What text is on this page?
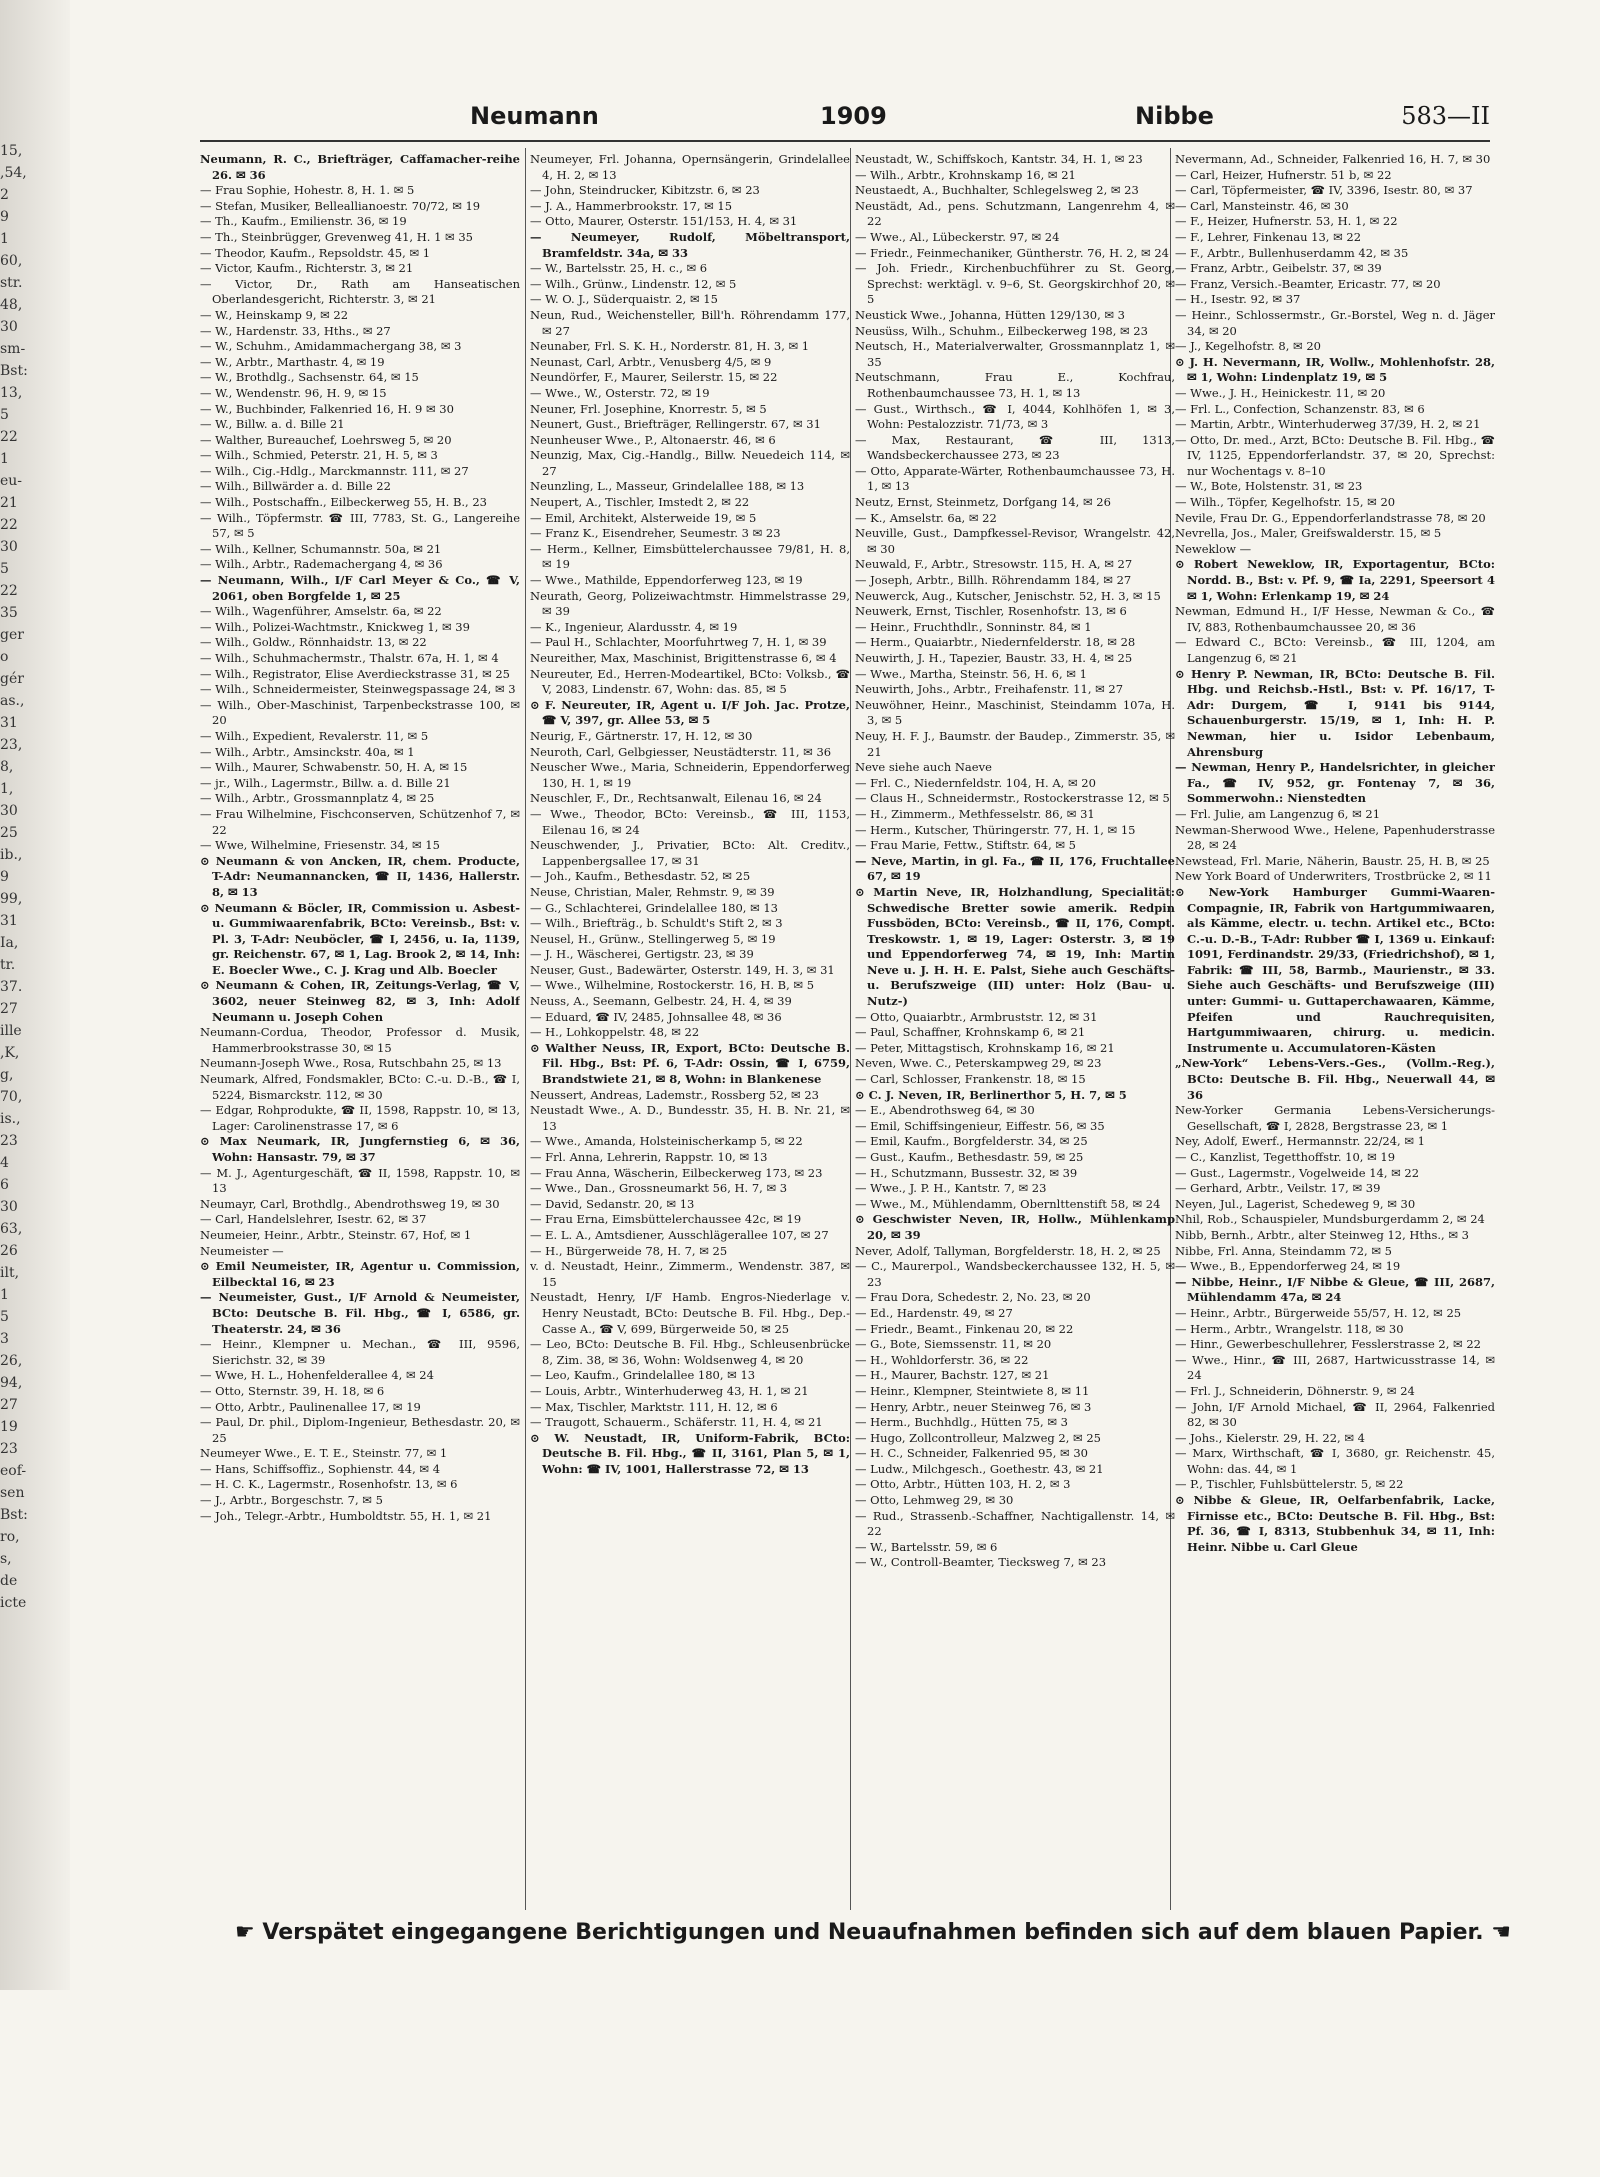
15,
,54,
2
9
1
60,
str.
48,
30
sm-
Bst:
13,
5
22
1
eu-
21
22
30
5
22
35
ger
o
gér
as.,
31
23,
8,
1,
30
25
ib.,
9
99,
31
Ia,
tr.
37.
27
ille
,K,
g,
70,
is.,
23
4
6
30
63,
26
ilt,
1
5
3
26,
94,
27
19
23
eof-
sen
Bst:
ro,
s,
de
icte
Neumann	1909	Nibbe	583—II

Neumann, R. C., Briefträger, Caffamacher-reihe 26. ✉ 36

— Frau Sophie, Hohestr. 8, H. 1. ✉ 5

— Stefan, Musiker, Belleallianoestr. 70/72, ✉ 19

— Th., Kaufm., Emilienstr. 36, ✉ 19

— Th., Steinbrügger, Grevenweg 41, H. 1 ✉ 35

— Theodor, Kaufm., Repsoldstr. 45, ✉ 1

— Victor, Kaufm., Richterstr. 3, ✉ 21

— Victor, Dr., Rath am Hanseatischen Oberlandesgericht, Richterstr. 3, ✉ 21

— W., Heinskamp 9, ✉ 22

— W., Hardenstr. 33, Hths., ✉ 27

— W., Schuhm., Amidammachergang 38, ✉ 3

— W., Arbtr., Marthastr. 4, ✉ 19

— W., Brothdlg., Sachsenstr. 64, ✉ 15

— W., Wendenstr. 96, H. 9, ✉ 15

— W., Buchbinder, Falkenried 16, H. 9 ✉ 30

— W., Billw. a. d. Bille 21

— Walther, Bureauchef, Loehrsweg 5, ✉ 20

— Wilh., Schmied, Peterstr. 21, H. 5, ✉ 3

— Wilh., Cig.-Hdlg., Marckmannstr. 111, ✉ 27

— Wilh., Billwärder a. d. Bille 22

— Wilh., Postschaffn., Eilbeckerweg 55, H. B., 23

— Wilh., Töpfermstr. ☎ III, 7783, St. G., Langereihe 57, ✉ 5

— Wilh., Kellner, Schumannstr. 50a, ✉ 21

— Wilh., Arbtr., Rademachergang 4, ✉ 36

— Neumann, Wilh., I/F Carl Meyer & Co., ☎ V, 2061, oben Borgfelde 1, ✉ 25

— Wilh., Wagenführer, Amselstr. 6a, ✉ 22

— Wilh., Polizei-Wachtmstr., Knickweg 1, ✉ 39

— Wilh., Goldw., Rönnhaidstr. 13, ✉ 22

— Wilh., Schuhmachermstr., Thalstr. 67a, H. 1, ✉ 4

— Wilh., Registrator, Elise Averdieckstrasse 31, ✉ 25

— Wilh., Schneidermeister, Steinwegspassage 24, ✉ 3

— Wilh., Ober-Maschinist, Tarpenbeckstrasse 100, ✉ 20

— Wilh., Expedient, Revalerstr. 11, ✉ 5

— Wilh., Arbtr., Amsinckstr. 40a, ✉ 1

— Wilh., Maurer, Schwabenstr. 50, H. A, ✉ 15

— jr., Wilh., Lagermstr., Billw. a. d. Bille 21

— Wilh., Arbtr., Grossmannplatz 4, ✉ 25

— Frau Wilhelmine, Fischconserven, Schützenhof 7, ✉ 22

— Wwe, Wilhelmine, Friesenstr. 34, ✉ 15

⊙ Neumann & von Ancken, IR, chem. Producte, T-Adr: Neumannancken, ☎ II, 1436, Hallerstr. 8, ✉ 13

⊙ Neumann & Böcler, IR, Commission u. Asbest- u. Gummiwaarenfabrik, BCto: Vereinsb., Bst: v. Pl. 3, T-Adr: Neuböcler, ☎ I, 2456, u. Ia, 1139, gr. Reichenstr. 67, ✉ 1, Lag. Brook 2, ✉ 14, Inh: E. Boecler Wwe., C. J. Krag und Alb. Boecler

⊙ Neumann & Cohen, IR, Zeitungs-Verlag, ☎ V, 3602, neuer Steinweg 82, ✉ 3, Inh: Adolf Neumann u. Joseph Cohen

Neumann-Cordua, Theodor, Professor d. Musik, Hammerbrookstrasse 30, ✉ 15

Neumann-Joseph Wwe., Rosa, Rutschbahn 25, ✉ 13

Neumark, Alfred, Fondsmakler, BCto: C.-u. D.-B., ☎ I, 5224, Bismarckstr. 112, ✉ 30

— Edgar, Rohprodukte, ☎ II, 1598, Rappstr. 10, ✉ 13, Lager: Carolinenstrasse 17, ✉ 6

⊙ Max Neumark, IR, Jungfernstieg 6, ✉ 36, Wohn: Hansastr. 79, ✉ 37

— M. J., Agenturgeschäft, ☎ II, 1598, Rappstr. 10, ✉ 13

Neumayr, Carl, Brothdlg., Abendrothsweg 19, ✉ 30

— Carl, Handelslehrer, Isestr. 62, ✉ 37

Neumeier, Heinr., Arbtr., Steinstr. 67, Hof, ✉ 1

Neumeister —

⊙ Emil Neumeister, IR, Agentur u. Commission, Eilbecktal 16, ✉ 23

— Neumeister, Gust., I/F Arnold & Neumeister, BCto: Deutsche B. Fil. Hbg., ☎ I, 6586, gr. Theaterstr. 24, ✉ 36

— Heinr., Klempner u. Mechan., ☎ III, 9596, Sierichstr. 32, ✉ 39

— Wwe, H. L., Hohenfelderallee 4, ✉ 24

— Otto, Sternstr. 39, H. 18, ✉ 6

— Otto, Arbtr., Paulinenallee 17, ✉ 19

— Paul, Dr. phil., Diplom-Ingenieur, Bethesdastr. 20, ✉ 25

Neumeyer Wwe., E. T. E., Steinstr. 77, ✉ 1

— Hans, Schiffsoffiz., Sophienstr. 44, ✉ 4

— H. C. K., Lagermstr., Rosenhofstr. 13, ✉ 6

— J., Arbtr., Borgeschstr. 7, ✉ 5

— Joh., Telegr.-Arbtr., Humboldtstr. 55, H. 1, ✉ 21

Neumeyer, Frl. Johanna, Opernsängerin, Grindelallee 4, H. 2, ✉ 13

— John, Steindrucker, Kibitzstr. 6, ✉ 23

— J. A., Hammerbrookstr. 17, ✉ 15

— Otto, Maurer, Osterstr. 151/153, H. 4, ✉ 31

— Neumeyer, Rudolf, Möbeltransport, Bramfeldstr. 34a, ✉ 33

— W., Bartelsstr. 25, H. c., ✉ 6

— Wilh., Grünw., Lindenstr. 12, ✉ 5

— W. O. J., Süderquaistr. 2, ✉ 15

Neun, Rud., Weichensteller, Bill'h. Röhrendamm 177, ✉ 27

Neunaber, Frl. S. K. H., Norderstr. 81, H. 3, ✉ 1

Neunast, Carl, Arbtr., Venusberg 4/5, ✉ 9

Neundörfer, F., Maurer, Seilerstr. 15, ✉ 22

— Wwe., W., Osterstr. 72, ✉ 19

Neuner, Frl. Josephine, Knorrestr. 5, ✉ 5

Neunert, Gust., Briefträger, Rellingerstr. 67, ✉ 31

Neunheuser Wwe., P., Altonaerstr. 46, ✉ 6

Neunzig, Max, Cig.-Handlg., Billw. Neuedeich 114, ✉ 27

Neunzling, L., Masseur, Grindelallee 188, ✉ 13

Neupert, A., Tischler, Imstedt 2, ✉ 22

— Emil, Architekt, Alsterweide 19, ✉ 5

— Franz K., Eisendreher, Seumestr. 3 ✉ 23

— Herm., Kellner, Eimsbüttelerchaussee 79/81, H. 8, ✉ 19

— Wwe., Mathilde, Eppendorferweg 123, ✉ 19

Neurath, Georg, Polizeiwachtmstr. Himmelstrasse 29, ✉ 39

— K., Ingenieur, Alardusstr. 4, ✉ 19

— Paul H., Schlachter, Moorfuhrtweg 7, H. 1, ✉ 39

Neureither, Max, Maschinist, Brigittenstrasse 6, ✉ 4

Neureuter, Ed., Herren-Modeartikel, BCto: Volksb., ☎ V, 2083, Lindenstr. 67, Wohn: das. 85, ✉ 5

⊙ F. Neureuter, IR, Agent u. I/F Joh. Jac. Protze, ☎ V, 397, gr. Allee 53, ✉ 5

Neurig, F., Gärtnerstr. 17, H. 12, ✉ 30

Neuroth, Carl, Gelbgiesser, Neustädterstr. 11, ✉ 36

Neuscher Wwe., Maria, Schneiderin, Eppendorferweg 130, H. 1, ✉ 19

Neuschler, F., Dr., Rechtsanwalt, Eilenau 16, ✉ 24

— Wwe., Theodor, BCto: Vereinsb., ☎ III, 1153, Eilenau 16, ✉ 24

Neuschwender, J., Privatier, BCto: Alt. Creditv., Lappenbergsallee 17, ✉ 31

— Joh., Kaufm., Bethesdastr. 52, ✉ 25

Neuse, Christian, Maler, Rehmstr. 9, ✉ 39

— G., Schlachterei, Grindelallee 180, ✉ 13

— Wilh., Briefträg., b. Schuldt's Stift 2, ✉ 3

Neusel, H., Grünw., Stellingerweg 5, ✉ 19

— J. H., Wäscherei, Gertigstr. 23, ✉ 39

Neuser, Gust., Badewärter, Osterstr. 149, H. 3, ✉ 31

— Wwe., Wilhelmine, Rostockerstr. 16, H. B, ✉ 5

Neuss, A., Seemann, Gelbestr. 24, H. 4, ✉ 39

— Eduard, ☎ IV, 2485, Johnsallee 48, ✉ 36

— H., Lohkoppelstr. 48, ✉ 22

⊙ Walther Neuss, IR, Export, BCto: Deutsche B. Fil. Hbg., Bst: Pf. 6, T-Adr: Ossin, ☎ I, 6759, Brandstwiete 21, ✉ 8, Wohn: in Blankenese

Neussert, Andreas, Lademstr., Rossberg 52, ✉ 23

Neustadt Wwe., A. D., Bundesstr. 35, H. B. Nr. 21, ✉ 13

— Wwe., Amanda, Holsteinischerkamp 5, ✉ 22

— Frl. Anna, Lehrerin, Rappstr. 10, ✉ 13

— Frau Anna, Wäscherin, Eilbeckerweg 173, ✉ 23

— Wwe., Dan., Grossneumarkt 56, H. 7, ✉ 3

— David, Sedanstr. 20, ✉ 13

— Frau Erna, Eimsbüttelerchaussee 42c, ✉ 19

— E. L. A., Amtsdiener, Ausschlägerallee 107, ✉ 27

— H., Bürgerweide 78, H. 7, ✉ 25

v. d. Neustadt, Heinr., Zimmerm., Wendenstr. 387, ✉ 15

Neustadt, Henry, I/F Hamb. Engros-Niederlage v. Henry Neustadt, BCto: Deutsche B. Fil. Hbg., Dep.-Casse A., ☎ V, 699, Bürgerweide 50, ✉ 25

— Leo, BCto: Deutsche B. Fil. Hbg., Schleusenbrücke 8, Zim. 38, ✉ 36, Wohn: Woldsenweg 4, ✉ 20

— Leo, Kaufm., Grindelallee 180, ✉ 13

— Louis, Arbtr., Winterhuderweg 43, H. 1, ✉ 21

— Max, Tischler, Marktstr. 111, H. 12, ✉ 6

— Traugott, Schauerm., Schäferstr. 11, H. 4, ✉ 21

⊙ W. Neustadt, IR, Uniform-Fabrik, BCto: Deutsche B. Fil. Hbg., ☎ II, 3161, Plan 5, ✉ 1, Wohn: ☎ IV, 1001, Hallerstrasse 72, ✉ 13

Neustadt, W., Schiffskoch, Kantstr. 34, H. 1, ✉ 23

— Wilh., Arbtr., Krohnskamp 16, ✉ 21

Neustaedt, A., Buchhalter, Schlegelsweg 2, ✉ 23

Neustädt, Ad., pens. Schutzmann, Langenrehm 4, ✉ 22

— Wwe., Al., Lübeckerstr. 97, ✉ 24

— Friedr., Feinmechaniker, Güntherstr. 76, H. 2, ✉ 24

— Joh. Friedr., Kirchenbuchführer zu St. Georg, Sprechst: werktägl. v. 9–6, St. Georgskirchhof 20, ✉ 5

Neustick Wwe., Johanna, Hütten 129/130, ✉ 3

Neusüss, Wilh., Schuhm., Eilbeckerweg 198, ✉ 23

Neutsch, H., Materialverwalter, Grossmannplatz 1, ✉ 35

Neutschmann, Frau E., Kochfrau, Rothenbaumchaussee 73, H. 1, ✉ 13

— Gust., Wirthsch., ☎ I, 4044, Kohlhöfen 1, ✉ 3, Wohn: Pestalozzistr. 71/73, ✉ 3

— Max, Restaurant, ☎ III, 1313, Wandsbeckerchaussee 273, ✉ 23

— Otto, Apparate-Wärter, Rothenbaumchaussee 73, H. 1, ✉ 13

Neutz, Ernst, Steinmetz, Dorfgang 14, ✉ 26

— K., Amselstr. 6a, ✉ 22

Neuville, Gust., Dampfkessel-Revisor, Wrangelstr. 42, ✉ 30

Neuwald, F., Arbtr., Stresowstr. 115, H. A, ✉ 27

— Joseph, Arbtr., Billh. Röhrendamm 184, ✉ 27

Neuwerck, Aug., Kutscher, Jenischstr. 52, H. 3, ✉ 15

Neuwerk, Ernst, Tischler, Rosenhofstr. 13, ✉ 6

— Heinr., Fruchthdlr., Sonninstr. 84, ✉ 1

— Herm., Quaiarbtr., Niedernfelderstr. 18, ✉ 28

Neuwirth, J. H., Tapezier, Baustr. 33, H. 4, ✉ 25

— Wwe., Martha, Steinstr. 56, H. 6, ✉ 1

Neuwirth, Johs., Arbtr., Freihafenstr. 11, ✉ 27

Neuwöhner, Heinr., Maschinist, Steindamm 107a, H. 3, ✉ 5

Neuy, H. F. J., Baumstr. der Baudep., Zimmerstr. 35, ✉ 21

Neve siehe auch Naeve

— Frl. C., Niedernfeldstr. 104, H. A, ✉ 20

— Claus H., Schneidermstr., Rostockerstrasse 12, ✉ 5

— H., Zimmerm., Methfesselstr. 86, ✉ 31

— Herm., Kutscher, Thüringerstr. 77, H. 1, ✉ 15

— Frau Marie, Fettw., Stiftstr. 64, ✉ 5

— Neve, Martin, in gl. Fa., ☎ II, 176, Fruchtallee 67, ✉ 19

⊙ Martin Neve, IR, Holzhandlung, Specialität: Schwedische Bretter sowie amerik. Redpin Fussböden, BCto: Vereinsb., ☎ II, 176, Compt. Treskowstr. 1, ✉ 19, Lager: Osterstr. 3, ✉ 19 und Eppendorferweg 74, ✉ 19, Inh: Martin Neve u. J. H. H. E. Palst, Siehe auch Geschäfts- u. Berufszweige (III) unter: Holz (Bau- u. Nutz-)

— Otto, Quaiarbtr., Armbruststr. 12, ✉ 31

— Paul, Schaffner, Krohnskamp 6, ✉ 21

— Peter, Mittagstisch, Krohnskamp 16, ✉ 21

Neven, Wwe. C., Peterskampweg 29, ✉ 23

— Carl, Schlosser, Frankenstr. 18, ✉ 15

⊙ C. J. Neven, IR, Berlinerthor 5, H. 7, ✉ 5

— E., Abendrothsweg 64, ✉ 30

— Emil, Schiffsingenieur, Eiffestr. 56, ✉ 35

— Emil, Kaufm., Borgfelderstr. 34, ✉ 25

— Gust., Kaufm., Bethesdastr. 59, ✉ 25

— H., Schutzmann, Bussestr. 32, ✉ 39

— Wwe., J. P. H., Kantstr. 7, ✉ 23

— Wwe., M., Mühlendamm, Obernlttenstift 58, ✉ 24

⊙ Geschwister Neven, IR, Hollw., Mühlenkamp 20, ✉ 39

Never, Adolf, Tallyman, Borgfelderstr. 18, H. 2, ✉ 25

— C., Maurerpol., Wandsbeckerchaussee 132, H. 5, ✉ 23

— Frau Dora, Schedestr. 2, No. 23, ✉ 20

— Ed., Hardenstr. 49, ✉ 27

— Friedr., Beamt., Finkenau 20, ✉ 22

— G., Bote, Siemssenstr. 11, ✉ 20

— H., Wohldorferstr. 36, ✉ 22

— H., Maurer, Bachstr. 127, ✉ 21

— Heinr., Klempner, Steintwiete 8, ✉ 11

— Henry, Arbtr., neuer Steinweg 76, ✉ 3

— Herm., Buchhdlg., Hütten 75, ✉ 3

— Hugo, Zollcontrolleur, Malzweg 2, ✉ 25

— H. C., Schneider, Falkenried 95, ✉ 30

— Ludw., Milchgesch., Goethestr. 43, ✉ 21

— Otto, Arbtr., Hütten 103, H. 2, ✉ 3

— Otto, Lehmweg 29, ✉ 30

— Rud., Strassenb.-Schaffner, Nachtigallenstr. 14, ✉ 22

— W., Bartelsstr. 59, ✉ 6

— W., Controll-Beamter, Tiecksweg 7, ✉ 23

Nevermann, Ad., Schneider, Falkenried 16, H. 7, ✉ 30

— Carl, Heizer, Hufnerstr. 51 b, ✉ 22

— Carl, Töpfermeister, ☎ IV, 3396, Isestr. 80, ✉ 37

— Carl, Mansteinstr. 46, ✉ 30

— F., Heizer, Hufnerstr. 53, H. 1, ✉ 22

— F., Lehrer, Finkenau 13, ✉ 22

— F., Arbtr., Bullenhuserdamm 42, ✉ 35

— Franz, Arbtr., Geibelstr. 37, ✉ 39

— Franz, Versich.-Beamter, Ericastr. 77, ✉ 20

— H., Isestr. 92, ✉ 37

— Heinr., Schlossermstr., Gr.-Borstel, Weg n. d. Jäger 34, ✉ 20

— J., Kegelhofstr. 8, ✉ 20

⊙ J. H. Nevermann, IR, Wollw., Mohlenhofstr. 28, ✉ 1, Wohn: Lindenplatz 19, ✉ 5

— Wwe., J. H., Heinickestr. 11, ✉ 20

— Frl. L., Confection, Schanzenstr. 83, ✉ 6

— Martin, Arbtr., Winterhuderweg 37/39, H. 2, ✉ 21

— Otto, Dr. med., Arzt, BCto: Deutsche B. Fil. Hbg., ☎ IV, 1125, Eppendorferlandstr. 37, ✉ 20, Sprechst: nur Wochentags v. 8–10

— W., Bote, Holstenstr. 31, ✉ 23

— Wilh., Töpfer, Kegelhofstr. 15, ✉ 20

Nevile, Frau Dr. G., Eppendorferlandstrasse 78, ✉ 20

Nevrella, Jos., Maler, Greifswalderstr. 15, ✉ 5

Neweklow —

⊙ Robert Neweklow, IR, Exportagentur, BCto: Nordd. B., Bst: v. Pf. 9, ☎ Ia, 2291, Speersort 4 ✉ 1, Wohn: Erlenkamp 19, ✉ 24

Newman, Edmund H., I/F Hesse, Newman & Co., ☎ IV, 883, Rothenbaumchaussee 20, ✉ 36

— Edward C., BCto: Vereinsb., ☎ III, 1204, am Langenzug 6, ✉ 21

⊙ Henry P. Newman, IR, BCto: Deutsche B. Fil. Hbg. und Reichsb.-Hstl., Bst: v. Pf. 16/17, T-Adr: Durgem, ☎ I, 9141 bis 9144, Schauenburgerstr. 15/19, ✉ 1, Inh: H. P. Newman, hier u. Isidor Lebenbaum, Ahrensburg

— Newman, Henry P., Handelsrichter, in gleicher Fa., ☎ IV, 952, gr. Fontenay 7, ✉ 36, Sommerwohn.: Nienstedten

— Frl. Julie, am Langenzug 6, ✉ 21

Newman-Sherwood Wwe., Helene, Papenhuderstrasse 28, ✉ 24

Newstead, Frl. Marie, Näherin, Baustr. 25, H. B, ✉ 25

New York Board of Underwriters, Trostbrücke 2, ✉ 11

⊙ New-York Hamburger Gummi-Waaren-Compagnie, IR, Fabrik von Hartgummiwaaren, als Kämme, electr. u. techn. Artikel etc., BCto: C.-u. D.-B., T-Adr: Rubber ☎ I, 1369 u. Einkauf: 1091, Ferdinandstr. 29/33, (Friedrichshof), ✉ 1, Fabrik: ☎ III, 58, Barmb., Maurienstr., ✉ 33. Siehe auch Geschäfts- und Berufszweige (III) unter: Gummi- u. Guttaperchawaaren, Kämme, Pfeifen und Rauchrequisiten, Hartgummiwaaren, chirurg. u. medicin. Instrumente u. Accumulatoren-Kästen

„New-York“ Lebens-Vers.-Ges., (Vollm.-Reg.), BCto: Deutsche B. Fil. Hbg., Neuerwall 44, ✉ 36

New-Yorker Germania Lebens-Versicherungs-Gesellschaft, ☎ I, 2828, Bergstrasse 23, ✉ 1

Ney, Adolf, Ewerf., Hermannstr. 22/24, ✉ 1

— C., Kanzlist, Tegetthoffstr. 10, ✉ 19

— Gust., Lagermstr., Vogelweide 14, ✉ 22

— Gerhard, Arbtr., Veilstr. 17, ✉ 39

Neyen, Jul., Lagerist, Schedeweg 9, ✉ 30

Nhil, Rob., Schauspieler, Mundsburgerdamm 2, ✉ 24

Nibb, Bernh., Arbtr., alter Steinweg 12, Hths., ✉ 3

Nibbe, Frl. Anna, Steindamm 72, ✉ 5

— Wwe., B., Eppendorferweg 24, ✉ 19

— Nibbe, Heinr., I/F Nibbe & Gleue, ☎ III, 2687, Mühlendamm 47a, ✉ 24

— Heinr., Arbtr., Bürgerweide 55/57, H. 12, ✉ 25

— Herm., Arbtr., Wrangelstr. 118, ✉ 30

— Hinr., Gewerbeschullehrer, Fesslerstrasse 2, ✉ 22

— Wwe., Hinr., ☎ III, 2687, Hartwicusstrasse 14, ✉ 24

— Frl. J., Schneiderin, Döhnerstr. 9, ✉ 24

— John, I/F Arnold Michael, ☎ II, 2964, Falkenried 82, ✉ 30

— Johs., Kielerstr. 29, H. 22, ✉ 4

— Marx, Wirthschaft, ☎ I, 3680, gr. Reichenstr. 45, Wohn: das. 44, ✉ 1

— P., Tischler, Fuhlsbüttelerstr. 5, ✉ 22

⊙ Nibbe & Gleue, IR, Oelfarbenfabrik, Lacke, Firnisse etc., BCto: Deutsche B. Fil. Hbg., Bst: Pf. 36, ☎ I, 8313, Stubbenhuk 34, ✉ 11, Inh: Heinr. Nibbe u. Carl Gleue

☛ Verspätet eingegangene Berichtigungen und Neuaufnahmen befinden sich auf dem blauen Papier. ☚
